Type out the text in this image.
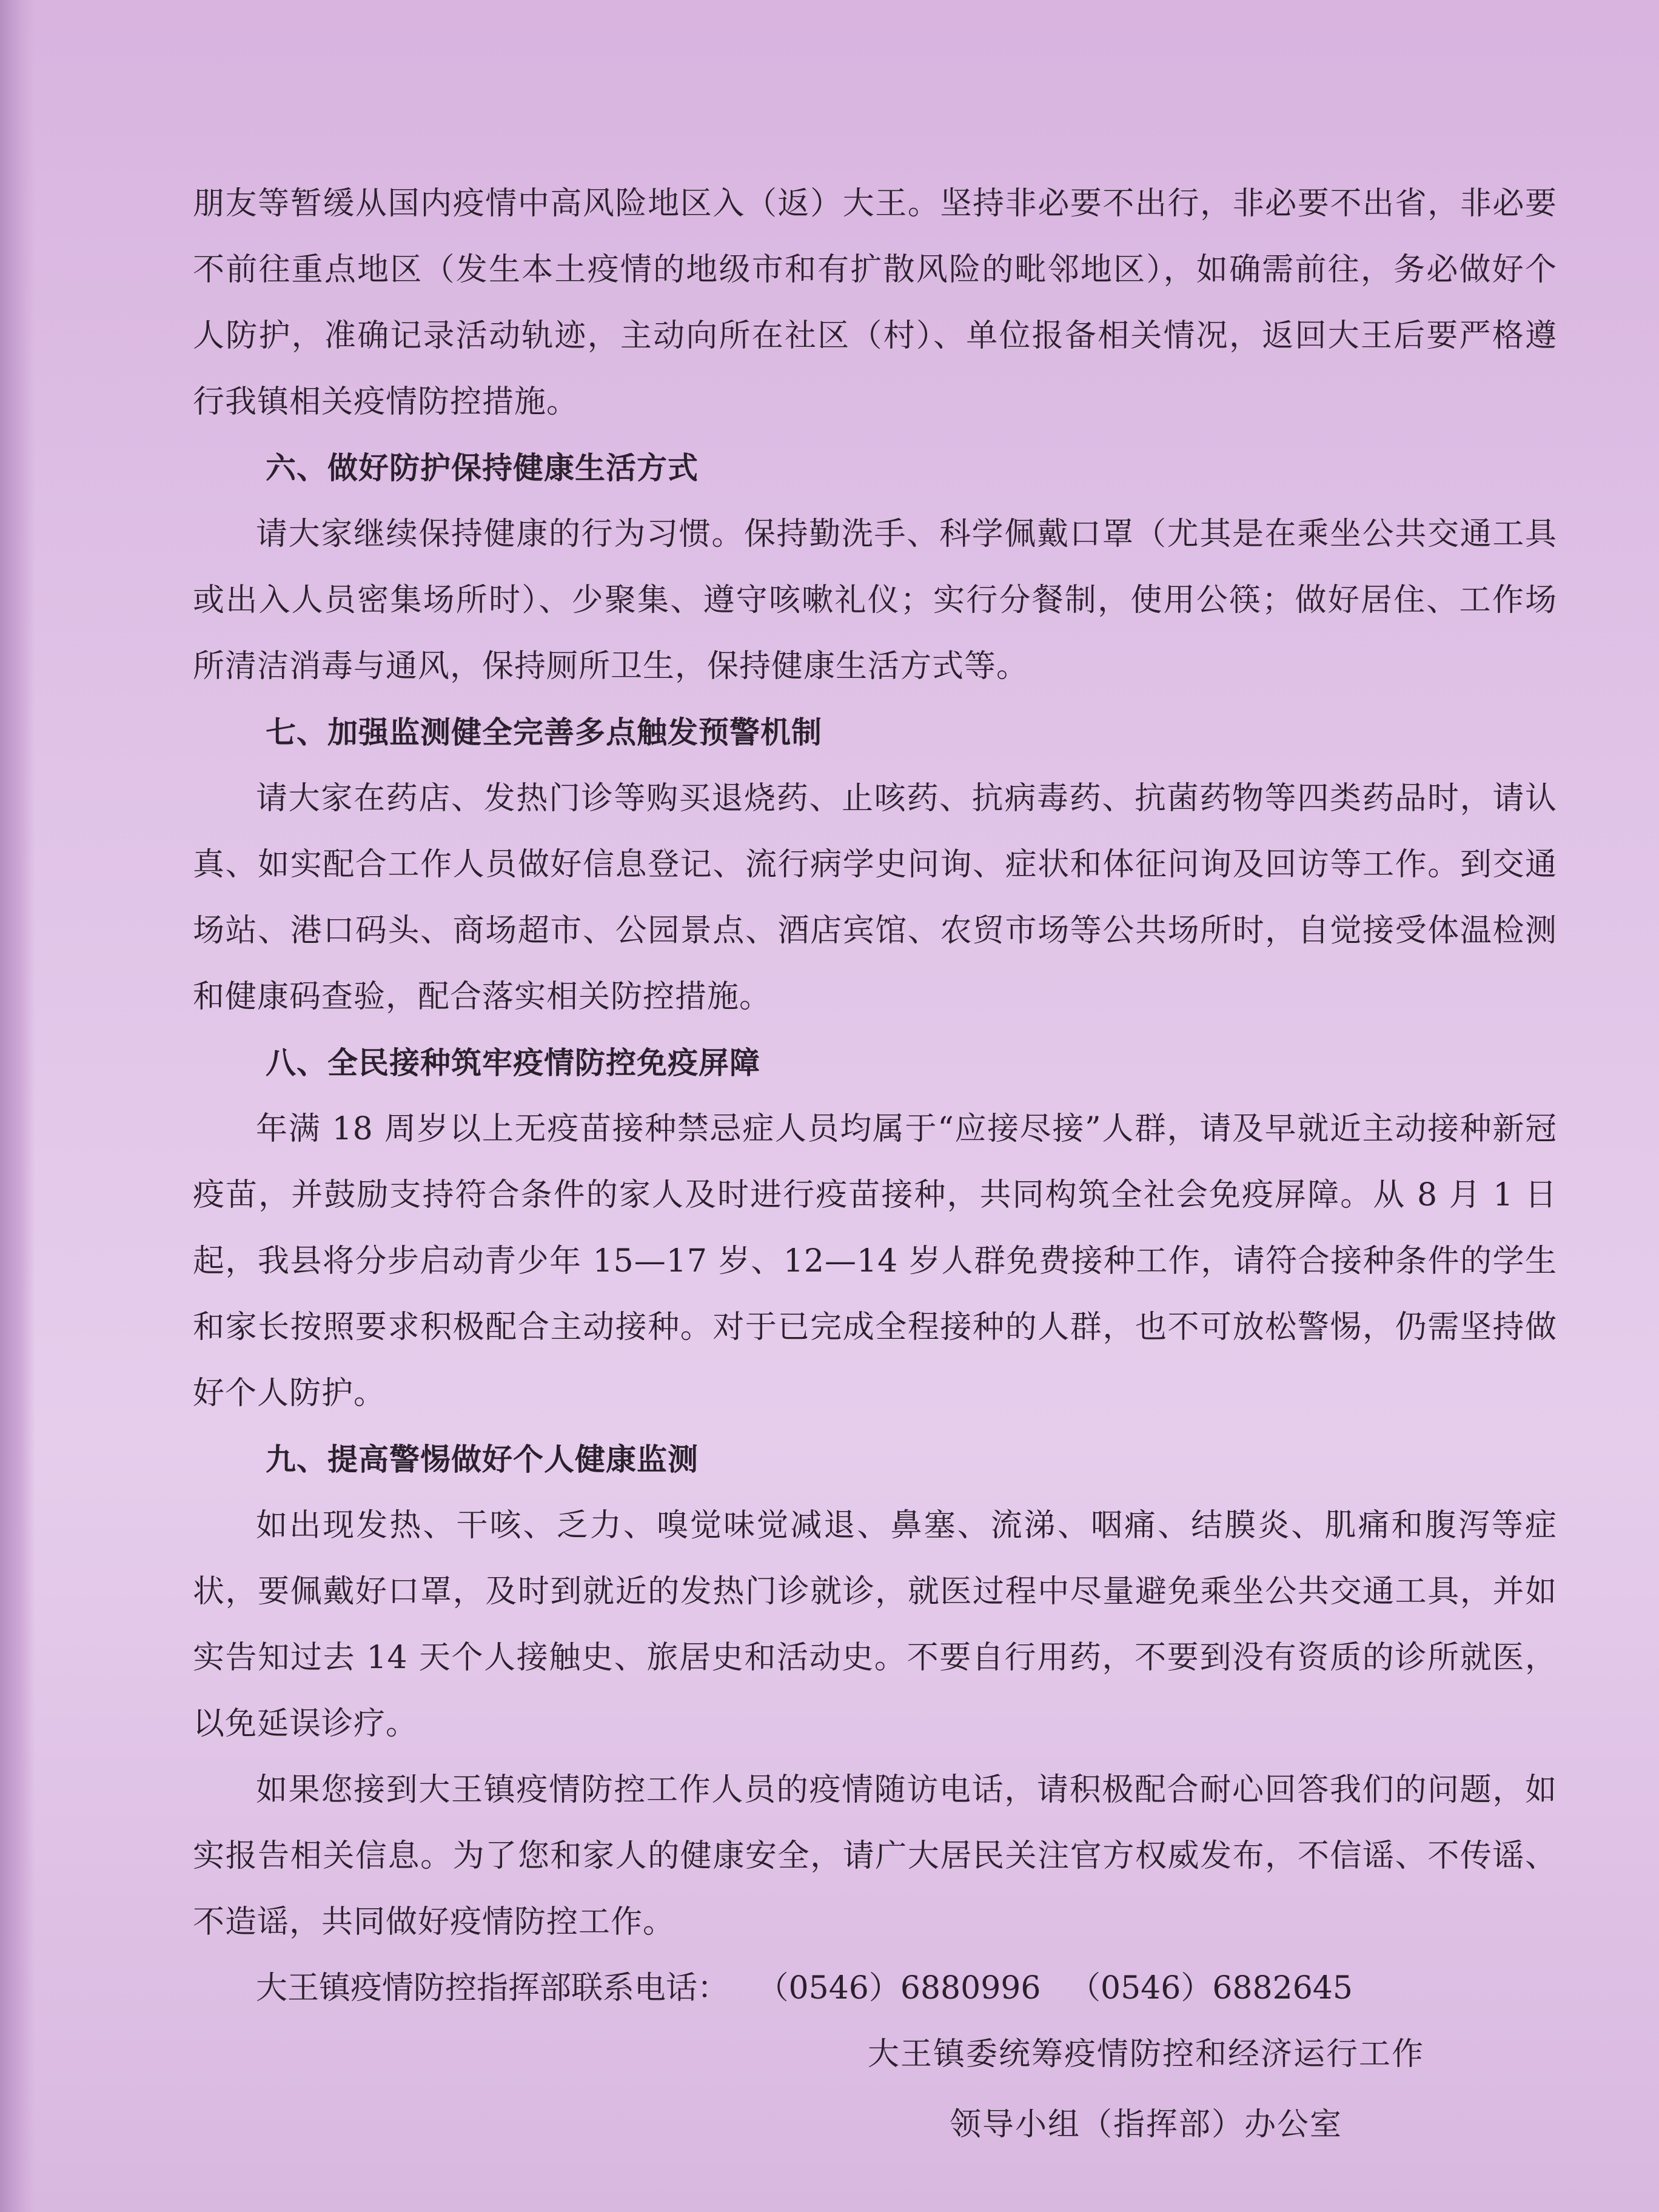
朋友等暂缓从国内疫情中高风险地区入（返）大王。坚持非必要不出行，非必要不出省，非必要不前往重点地区（发生本土疫情的地级市和有扩散风险的毗邻地区），如确需前往，务必做好个人防护，准确记录活动轨迹，主动向所在社区（村）、单位报备相关情况，返回大王后要严格遵行我镇相关疫情防控措施。

六、做好防护保持健康生活方式

请大家继续保持健康的行为习惯。保持勤洗手、科学佩戴口罩（尤其是在乘坐公共交通工具或出入人员密集场所时）、少聚集、遵守咳嗽礼仪；实行分餐制，使用公筷；做好居住、工作场所清洁消毒与通风，保持厕所卫生，保持健康生活方式等。

七、加强监测健全完善多点触发预警机制

请大家在药店、发热门诊等购买退烧药、止咳药、抗病毒药、抗菌药物等四类药品时，请认真、如实配合工作人员做好信息登记、流行病学史问询、症状和体征问询及回访等工作。到交通场站、港口码头、商场超市、公园景点、酒店宾馆、农贸市场等公共场所时，自觉接受体温检测和健康码查验，配合落实相关防控措施。

八、全民接种筑牢疫情防控免疫屏障

年满 18 周岁以上无疫苗接种禁忌症人员均属于“应接尽接”人群，请及早就近主动接种新冠疫苗，并鼓励支持符合条件的家人及时进行疫苗接种，共同构筑全社会免疫屏障。从 8 月 1 日起，我县将分步启动青少年 15—17 岁、12—14 岁人群免费接种工作，请符合接种条件的学生和家长按照要求积极配合主动接种。对于已完成全程接种的人群，也不可放松警惕，仍需坚持做好个人防护。

九、提高警惕做好个人健康监测

如出现发热、干咳、乏力、嗅觉味觉减退、鼻塞、流涕、咽痛、结膜炎、肌痛和腹泻等症状，要佩戴好口罩，及时到就近的发热门诊就诊，就医过程中尽量避免乘坐公共交通工具，并如实告知过去 14 天个人接触史、旅居史和活动史。不要自行用药，不要到没有资质的诊所就医，以免延误诊疗。

如果您接到大王镇疫情防控工作人员的疫情随访电话，请积极配合耐心回答我们的问题，如实报告相关信息。为了您和家人的健康安全，请广大居民关注官方权威发布，不信谣、不传谣、不造谣，共同做好疫情防控工作。

大王镇疫情防控指挥部联系电话： （0546）6880996 （0546）6882645

大王镇委统筹疫情防控和经济运行工作
领导小组（指挥部）办公室
